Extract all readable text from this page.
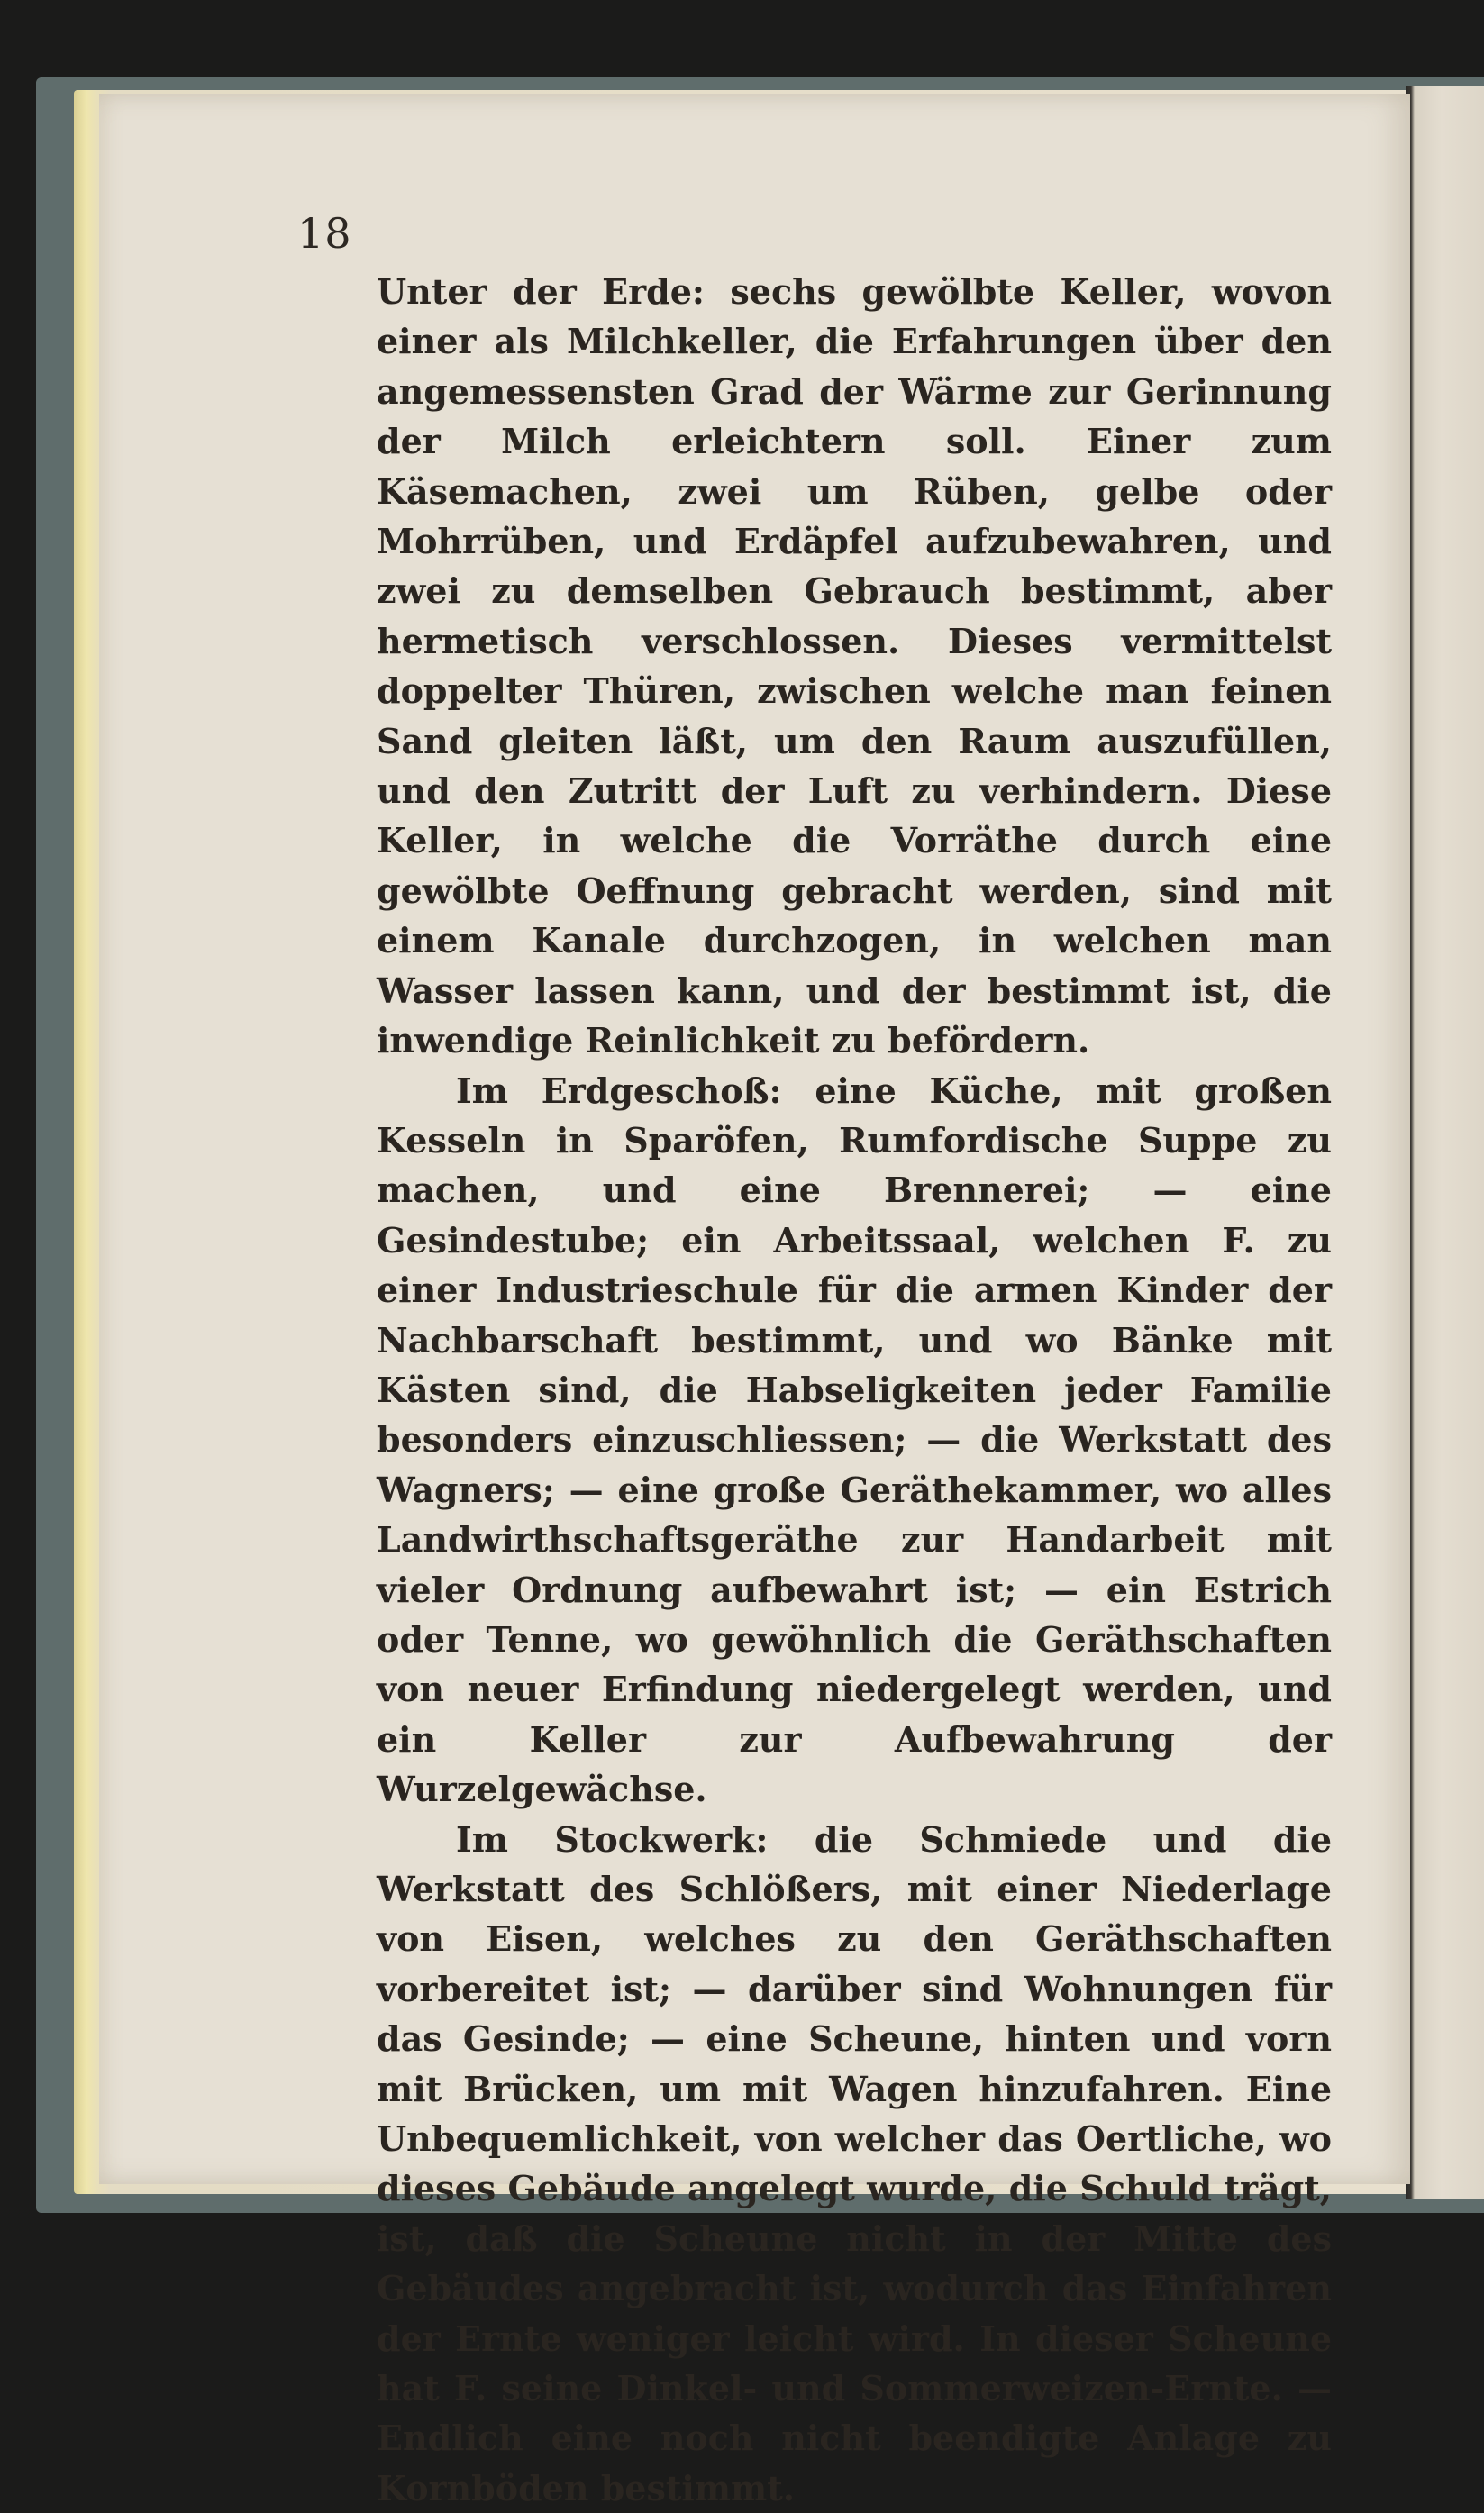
18

Unter der Erde: sechs gewölbte Keller, wovon einer als Milchkeller, die Erfahrungen über den angemessensten Grad der Wärme zur Gerinnung der Milch erleichtern soll. Einer zum Käsemachen, zwei um Rüben, gelbe oder Mohrrüben, und Erdäpfel aufzubewahren, und zwei zu demselben Gebrauch bestimmt, aber hermetisch verschlossen. Dieses vermittelst doppelter Thüren, zwischen welche man feinen Sand gleiten läßt, um den Raum auszufüllen, und den Zutritt der Luft zu verhindern. Diese Keller, in welche die Vorräthe durch eine gewölbte Oeffnung gebracht werden, sind mit einem Kanale durchzogen, in welchen man Wasser lassen kann, und der bestimmt ist, die inwendige Reinlichkeit zu befördern.

Im Erdgeschoß: eine Küche, mit großen Kesseln in Sparöfen, Rumfordische Suppe zu machen, und eine Brennerei; — eine Gesindestube; ein Arbeitssaal, welchen F. zu einer Industrieschule für die armen Kinder der Nachbarschaft bestimmt, und wo Bänke mit Kästen sind, die Habseligkeiten jeder Familie besonders einzuschliessen; — die Werkstatt des Wagners; — eine große Geräthekammer, wo alles Landwirthschaftsgeräthe zur Handarbeit mit vieler Ordnung aufbewahrt ist; — ein Estrich oder Tenne, wo gewöhnlich die Geräthschaften von neuer Erfindung niedergelegt werden, und ein Keller zur Aufbewahrung der Wurzelgewächse.

Im Stockwerk: die Schmiede und die Werkstatt des Schlößers, mit einer Niederlage von Eisen, welches zu den Geräthschaften vorbereitet ist; — darüber sind Wohnungen für das Gesinde; — eine Scheune, hinten und vorn mit Brücken, um mit Wagen hinzufahren. Eine Unbequemlichkeit, von welcher das Oertliche, wo dieses Gebäude angelegt wurde, die Schuld trägt, ist, daß die Scheune nicht in der Mitte des Gebäudes angebracht ist, wodurch das Einfahren der Ernte weniger leicht wird. In dieser Scheune hat F. seine Dinkel- und Sommerweizen-Ernte. — Endlich eine noch nicht beendigte Anlage zu Kornböden bestimmt.
